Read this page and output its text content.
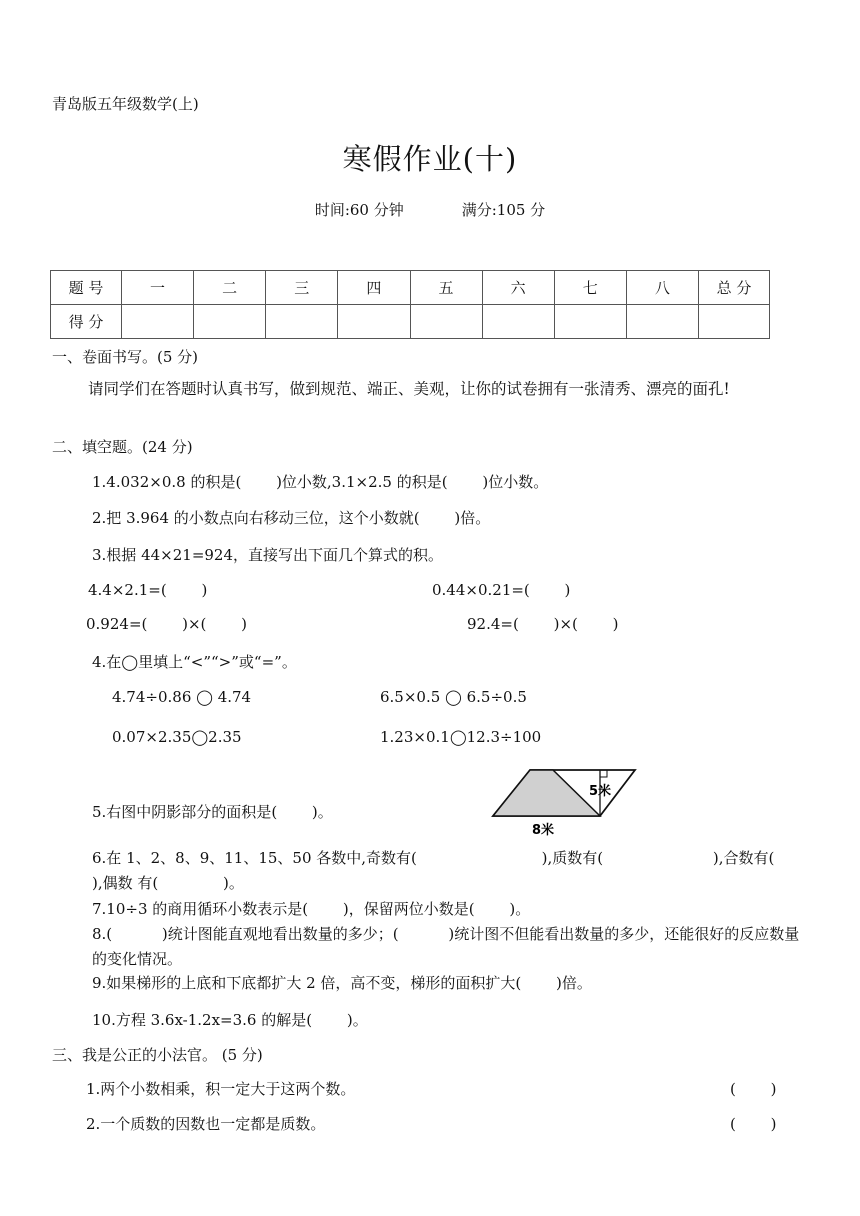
青岛版五年级数学(上)
寒假作业(十)
时间:60 分钟	满分:105 分
题 号	一	二	三	四	五	六	七	八	总 分
得 分									
一、卷面书写。(5 分)
请同学们在答题时认真书写，做到规范、端正、美观，让你的试卷拥有一张清秀、漂亮的面孔!
二、填空题。(24 分)
1.4.032×0.8 的积是(　　 )位小数,3.1×2.5 的积是(　　 )位小数。
2.把 3.964 的小数点向右移动三位，这个小数就(　　 )倍。
3.根据 44×21=924，直接写出下面几个算式的积。
4.4×2.1=(　　 )	0.44×0.21=(　　 )
0.924=(　　 )×(　　 )	92.4=(　　 )×(　　 )
4.在◯里填上“<”“>”或“=”。
4.74÷0.86 ◯ 4.74	6.5×0.5 ◯ 6.5÷0.5
0.07×2.35◯2.35	1.23×0.1◯12.3÷100
5.右图中阴影部分的面积是(　　 )。
5米
8米
6.在 1、2、8、9、11、15、50 各数中,奇数有(　　　　　　　　 ),质数有(　　　　　　　 ),合数有(　　　　　 ),偶数 有(　　　　 )。
7.10÷3 的商用循环小数表示是(　　 )，保留两位小数是(　　 )。
8.(　　　 )统计图能直观地看出数量的多少；(　　　 )统计图不但能看出数量的多少，还能很好的反应数量的变化情况。
9.如果梯形的上底和下底都扩大 2 倍，高不变，梯形的面积扩大(　　 )倍。
10.方程 3.6x-1.2x=3.6 的解是(　　 )。
三、我是公正的小法官。 (5 分)
1.两个小数相乘，积一定大于这两个数。	(　　 )
2.一个质数的因数也一定都是质数。	(　　 )
